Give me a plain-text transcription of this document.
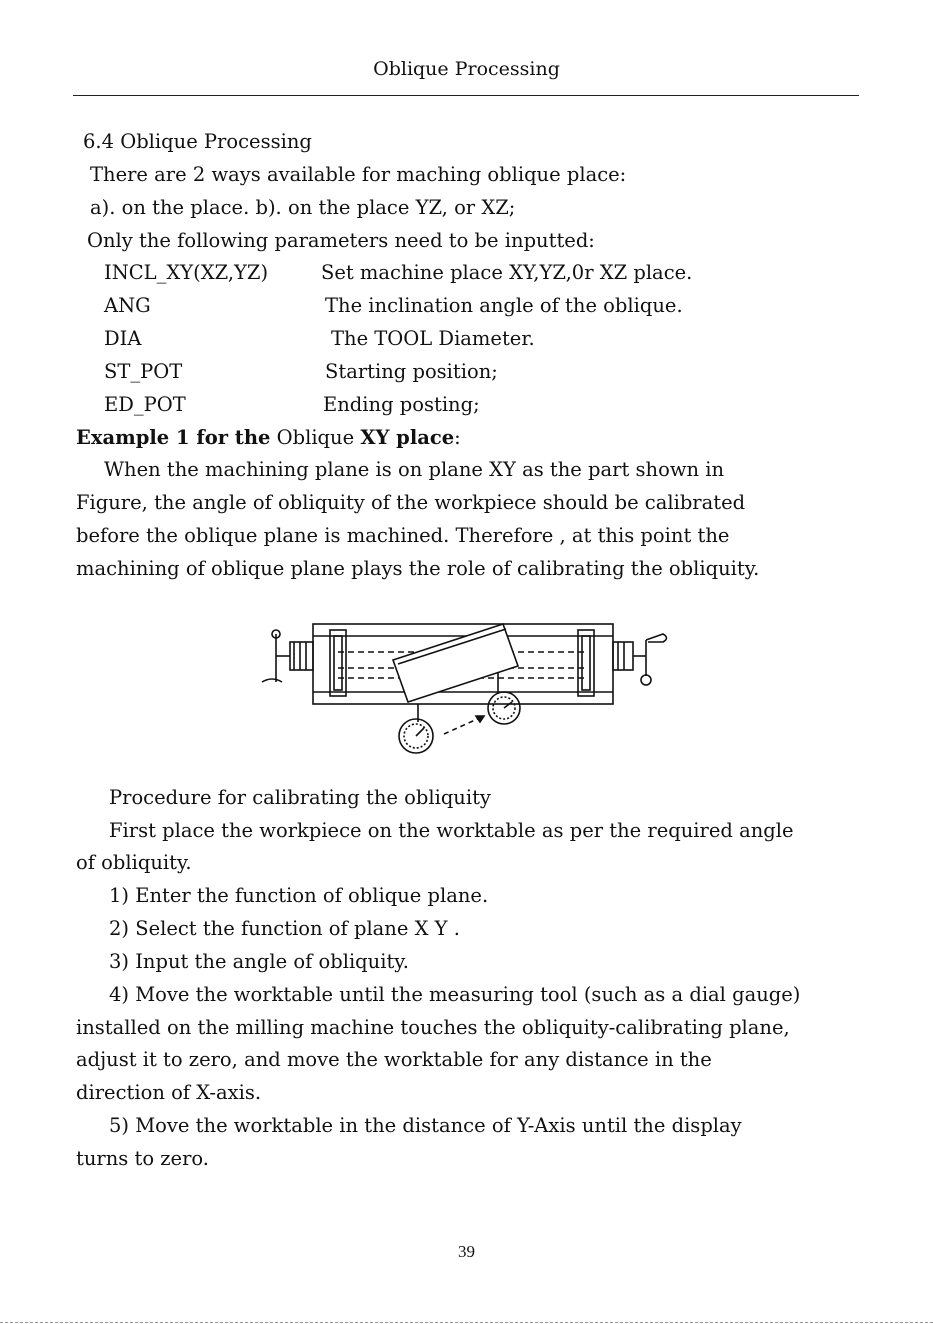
Oblique Processing
6.4 Oblique Processing
There are 2 ways available for maching oblique place:
a). on the place. b). on the place YZ, or XZ;
Only the following parameters need to be inputted:
INCL_XY(XZ,YZ)	Set machine place XY,YZ,0r XZ place.
ANG	The inclination angle of the oblique.
DIA	The TOOL Diameter.
ST_POT	Starting position;
ED_POT	Ending posting;
Example 1 for the Oblique XY place:
When the machining plane is on plane XY as the part shown in
Figure, the angle of obliquity of the workpiece should be calibrated
before the oblique plane is machined. Therefore , at this point the
machining of oblique plane plays the role of calibrating the obliquity.
Procedure for calibrating the obliquity
First place the workpiece on the worktable as per the required angle
of obliquity.
1) Enter the function of oblique plane.
2) Select the function of plane X Y .
3) Input the angle of obliquity.
4) Move the worktable until the measuring tool (such as a dial gauge)
installed on the milling machine touches the obliquity-calibrating plane,
adjust it to zero, and move the worktable for any distance in the
direction of X-axis.
5) Move the worktable in the distance of Y-Axis until the display
turns to zero.
39
